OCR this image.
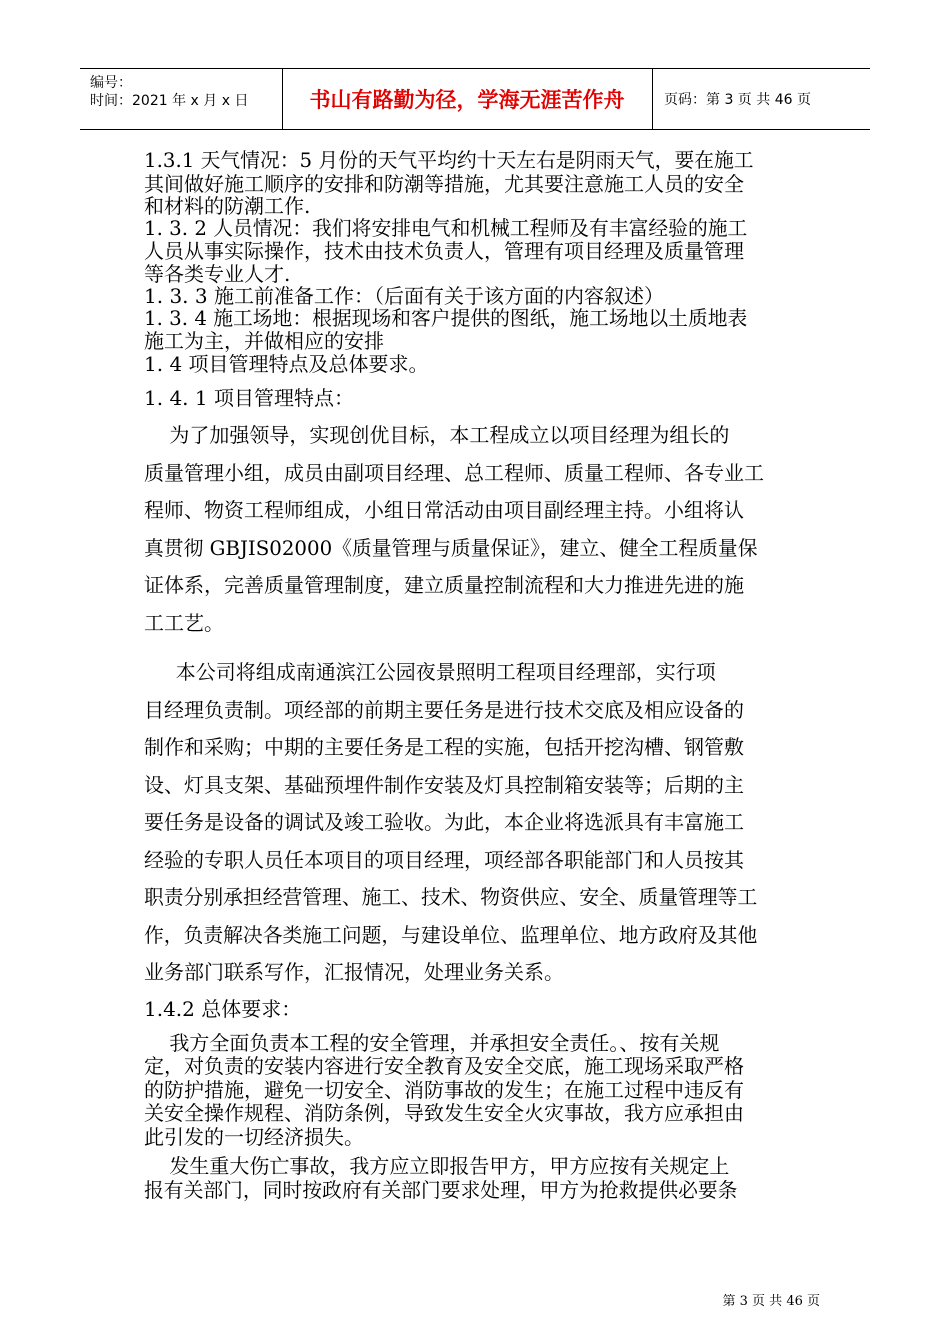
编号：
时间：2021 年 x 月 x 日	书山有路勤为径，学海无涯苦作舟	页码：第 3 页 共 46 页
1.3.1 天气情况：5 月份的天气平均约十天左右是阴雨天气，要在施工
其间做好施工顺序的安排和防潮等措施，尤其要注意施工人员的安全
和材料的防潮工作.
1. 3. 2 人员情况：我们将安排电气和机械工程师及有丰富经验的施工
人员从事实际操作，技术由技术负责人，管理有项目经理及质量管理
等各类专业人才.
1. 3. 3 施工前准备工作：（后面有关于该方面的内容叙述）
1. 3. 4 施工场地：根据现场和客户提供的图纸，施工场地以土质地表
施工为主，并做相应的安排
1. 4 项目管理特点及总体要求。
1. 4. 1 项目管理特点：
为了加强领导，实现创优目标，本工程成立以项目经理为组长的
质量管理小组，成员由副项目经理、总工程师、质量工程师、各专业工
程师、物资工程师组成，小组日常活动由项目副经理主持。小组将认
真贯彻 GBJIS02000《质量管理与质量保证》，建立、健全工程质量保
证体系，完善质量管理制度，建立质量控制流程和大力推进先进的施
工工艺。
本公司将组成南通滨江公园夜景照明工程项目经理部，实行项
目经理负责制。项经部的前期主要任务是进行技术交底及相应设备的
制作和采购；中期的主要任务是工程的实施，包括开挖沟槽、钢管敷
设、灯具支架、基础预埋件制作安装及灯具控制箱安装等；后期的主
要任务是设备的调试及竣工验收。为此，本企业将选派具有丰富施工
经验的专职人员任本项目的项目经理，项经部各职能部门和人员按其
职责分别承担经营管理、施工、技术、物资供应、安全、质量管理等工
作，负责解决各类施工问题，与建设单位、监理单位、地方政府及其他
业务部门联系写作，汇报情况，处理业务关系。
1.4.2 总体要求：
我方全面负责本工程的安全管理，并承担安全责任。、按有关规
定，对负责的安装内容进行安全教育及安全交底，施工现场采取严格
的防护措施，避免一切安全、消防事故的发生；在施工过程中违反有
关安全操作规程、消防条例，导致发生安全火灾事故，我方应承担由
此引发的一切经济损失。
发生重大伤亡事故，我方应立即报告甲方，甲方应按有关规定上
报有关部门，同时按政府有关部门要求处理，甲方为抢救提供必要条
第 3 页 共 46 页
